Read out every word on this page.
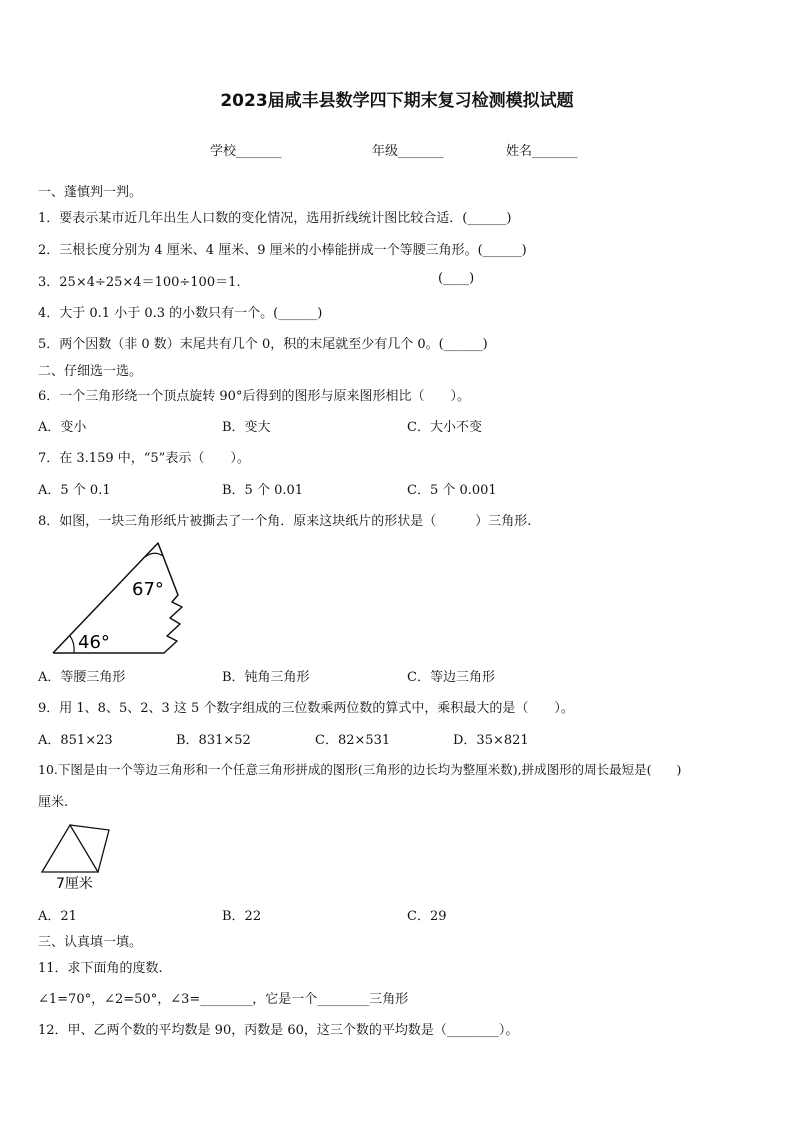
2023届咸丰县数学四下期末复习检测模拟试题
学校_______	年级_______	姓名_______
一、蓬慎判一判。
1．要表示某市近几年出生人口数的变化情况，选用折线统计图比较合适．(______)
2．三根长度分别为 4 厘米、4 厘米、9 厘米的小棒能拼成一个等腰三角形。(______)
3．25×4÷25×4＝100÷100＝1.	(____)
4．大于 0.1 小于 0.3 的小数只有一个。(______)
5．两个因数（非 0 数）末尾共有几个 0，积的末尾就至少有几个 0。(______)
二、仔细选一选。
6．一个三角形绕一个顶点旋转 90°后得到的图形与原来图形相比（　　）。
A．变小	B．变大	C．大小不变
7．在 3.159 中，“5”表示（　　）。
A．5 个 0.1	B．5 个 0.01	C．5 个 0.001
8．如图，一块三角形纸片被撕去了一个角．原来这块纸片的形状是（　　　）三角形.
67°
46°
A．等腰三角形	B．钝角三角形	C．等边三角形
9．用 1、8、5、2、3 这 5 个数字组成的三位数乘两位数的算式中，乘积最大的是（　　）。
A．851×23	B．831×52	C．82×531	D．35×821
10.下图是由一个等边三角形和一个任意三角形拼成的图形(三角形的边长均为整厘米数),拼成图形的周长最短是(　　)
厘米.
7厘米
A．21	B．22	C．29
三、认真填一填。
11．求下面角的度数.
∠1=70°，∠2=50°，∠3=________，它是一个________三角形
12．甲、乙两个数的平均数是 90，丙数是 60，这三个数的平均数是（________）。
